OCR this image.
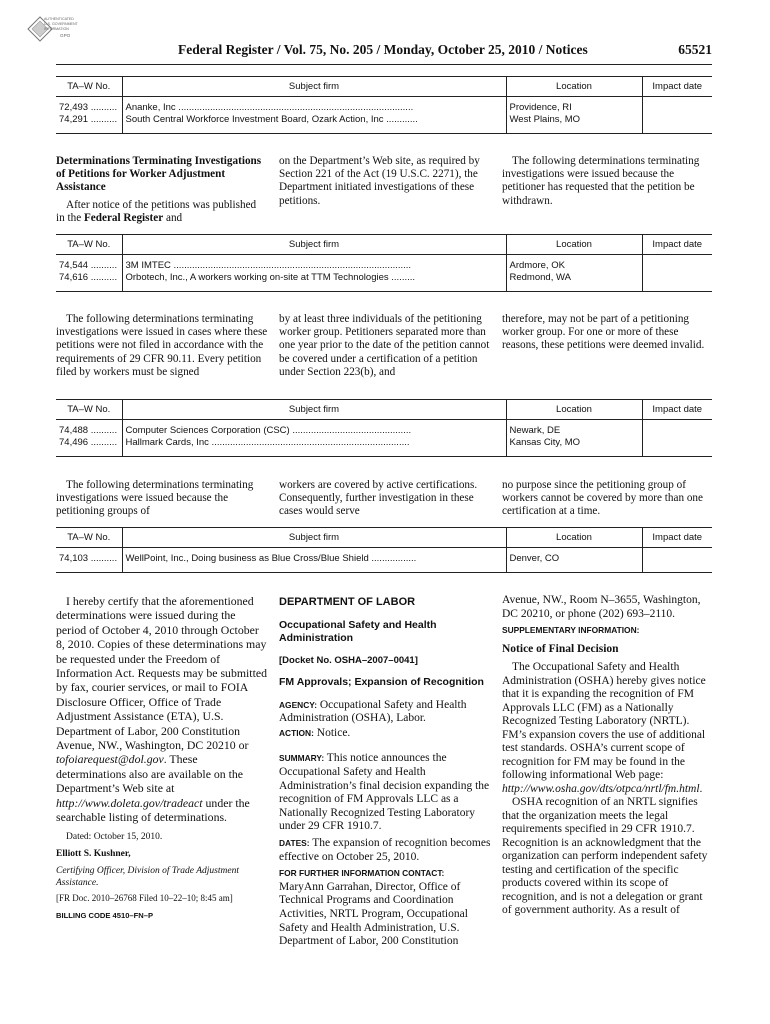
AUTHENTICATED
U.S. GOVERNMENT
INFORMATION
GPO
Federal Register / Vol. 75, No. 205 / Monday, October 25, 2010 / Notices	65521
TA–W No.	Subject firm	Location	Impact date
72,493 ..........	Ananke, Inc .........................................................................................	Providence, RI	
74,291 ..........	South Central Workforce Investment Board, Ozark Action, Inc ............	West Plains, MO	

Determinations Terminating Investigations of Petitions for Worker Adjustment Assistance

After notice of the petitions was published in the Federal Register and

on the Department’s Web site, as required by Section 221 of the Act (19 U.S.C. 2271), the Department initiated investigations of these petitions.

The following determinations terminating investigations were issued because the petitioner has requested that the petition be withdrawn.

TA–W No.	Subject firm	Location	Impact date
74,544 ..........	3M IMTEC ..........................................................................................	Ardmore, OK	
74,616 ..........	Orbotech, Inc., A workers working on-site at TTM Technologies .........	Redmond, WA	

The following determinations terminating investigations were issued in cases where these petitions were not filed in accordance with the requirements of 29 CFR 90.11. Every petition filed by workers must be signed

by at least three individuals of the petitioning worker group. Petitioners separated more than one year prior to the date of the petition cannot be covered under a certification of a petition under Section 223(b), and

therefore, may not be part of a petitioning worker group. For one or more of these reasons, these petitions were deemed invalid.

TA–W No.	Subject firm	Location	Impact date
74,488 ..........	Computer Sciences Corporation (CSC) .............................................	Newark, DE	
74,496 ..........	Hallmark Cards, Inc ...........................................................................	Kansas City, MO	

The following determinations terminating investigations were issued because the petitioning groups of

workers are covered by active certifications. Consequently, further investigation in these cases would serve

no purpose since the petitioning group of workers cannot be covered by more than one certification at a time.

TA–W No.	Subject firm	Location	Impact date
74,103 ..........	WellPoint, Inc., Doing business as Blue Cross/Blue Shield .................	Denver, CO	

I hereby certify that the aforementioned determinations were issued during the period of October 4, 2010 through October 8, 2010. Copies of these determinations may be requested under the Freedom of Information Act. Requests may be submitted by fax, courier services, or mail to FOIA Disclosure Officer, Office of Trade Adjustment Assistance (ETA), U.S. Department of Labor, 200 Constitution Avenue, NW., Washington, DC 20210 or tofoiarequest@dol.gov. These determinations also are available on the Department’s Web site at http://www.doleta.gov/tradeact under the searchable listing of determinations.

Dated: October 15, 2010.

Elliott S. Kushner,

Certifying Officer, Division of Trade Adjustment Assistance.

[FR Doc. 2010–26768 Filed 10–22–10; 8:45 am]

BILLING CODE 4510–FN–P

DEPARTMENT OF LABOR

Occupational Safety and Health Administration

[Docket No. OSHA–2007–0041]

FM Approvals; Expansion of Recognition

AGENCY: Occupational Safety and Health Administration (OSHA), Labor.

ACTION: Notice.

SUMMARY: This notice announces the Occupational Safety and Health Administration’s final decision expanding the recognition of FM Approvals LLC as a Nationally Recognized Testing Laboratory under 29 CFR 1910.7.

DATES: The expansion of recognition becomes effective on October 25, 2010.

FOR FURTHER INFORMATION CONTACT:

MaryAnn Garrahan, Director, Office of Technical Programs and Coordination Activities, NRTL Program, Occupational Safety and Health Administration, U.S. Department of Labor, 200 Constitution

Avenue, NW., Room N–3655, Washington, DC 20210, or phone (202) 693–2110.

SUPPLEMENTARY INFORMATION:

Notice of Final Decision

The Occupational Safety and Health Administration (OSHA) hereby gives notice that it is expanding the recognition of FM Approvals LLC (FM) as a Nationally Recognized Testing Laboratory (NRTL). FM’s expansion covers the use of additional test standards. OSHA’s current scope of recognition for FM may be found in the following informational Web page: http://www.osha.gov/dts/otpca/nrtl/fm.html.

OSHA recognition of an NRTL signifies that the organization meets the legal requirements specified in 29 CFR 1910.7. Recognition is an acknowledgment that the organization can perform independent safety testing and certification of the specific products covered within its scope of recognition, and is not a delegation or grant of government authority. As a result of
